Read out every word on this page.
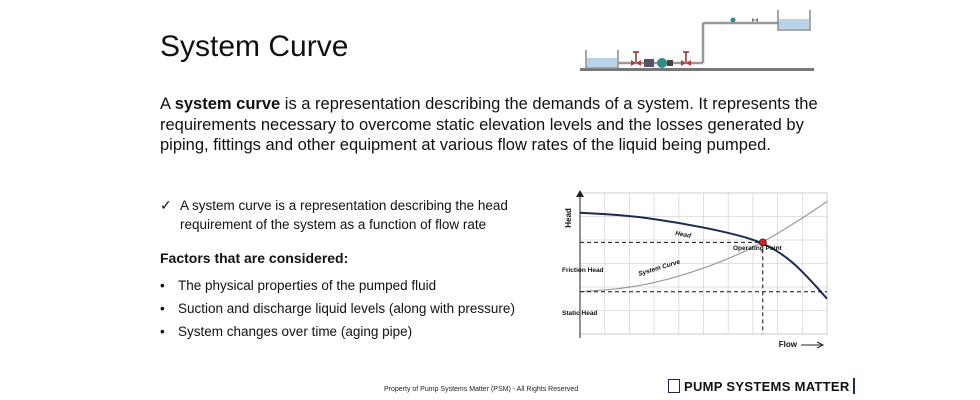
System Curve
A system curve is a representation describing the demands of a system. It represents the requirements necessary to overcome static elevation levels and the losses generated by piping, fittings and other equipment at various flow rates of the liquid being pumped.
✓ A system curve is a representation describing the head requirement of the system as a function of flow rate
Factors that are considered:
• The physical properties of the pumped fluid
• Suction and discharge liquid levels (along with pressure)
• System changes over time (aging pipe)
Head
Flow
Operating Point
Friction Head
Static Head
Head
System Curve
Property of Pump Systems Matter (PSM) - All Rights Reserved	PUMP SYSTEMS MATTER
